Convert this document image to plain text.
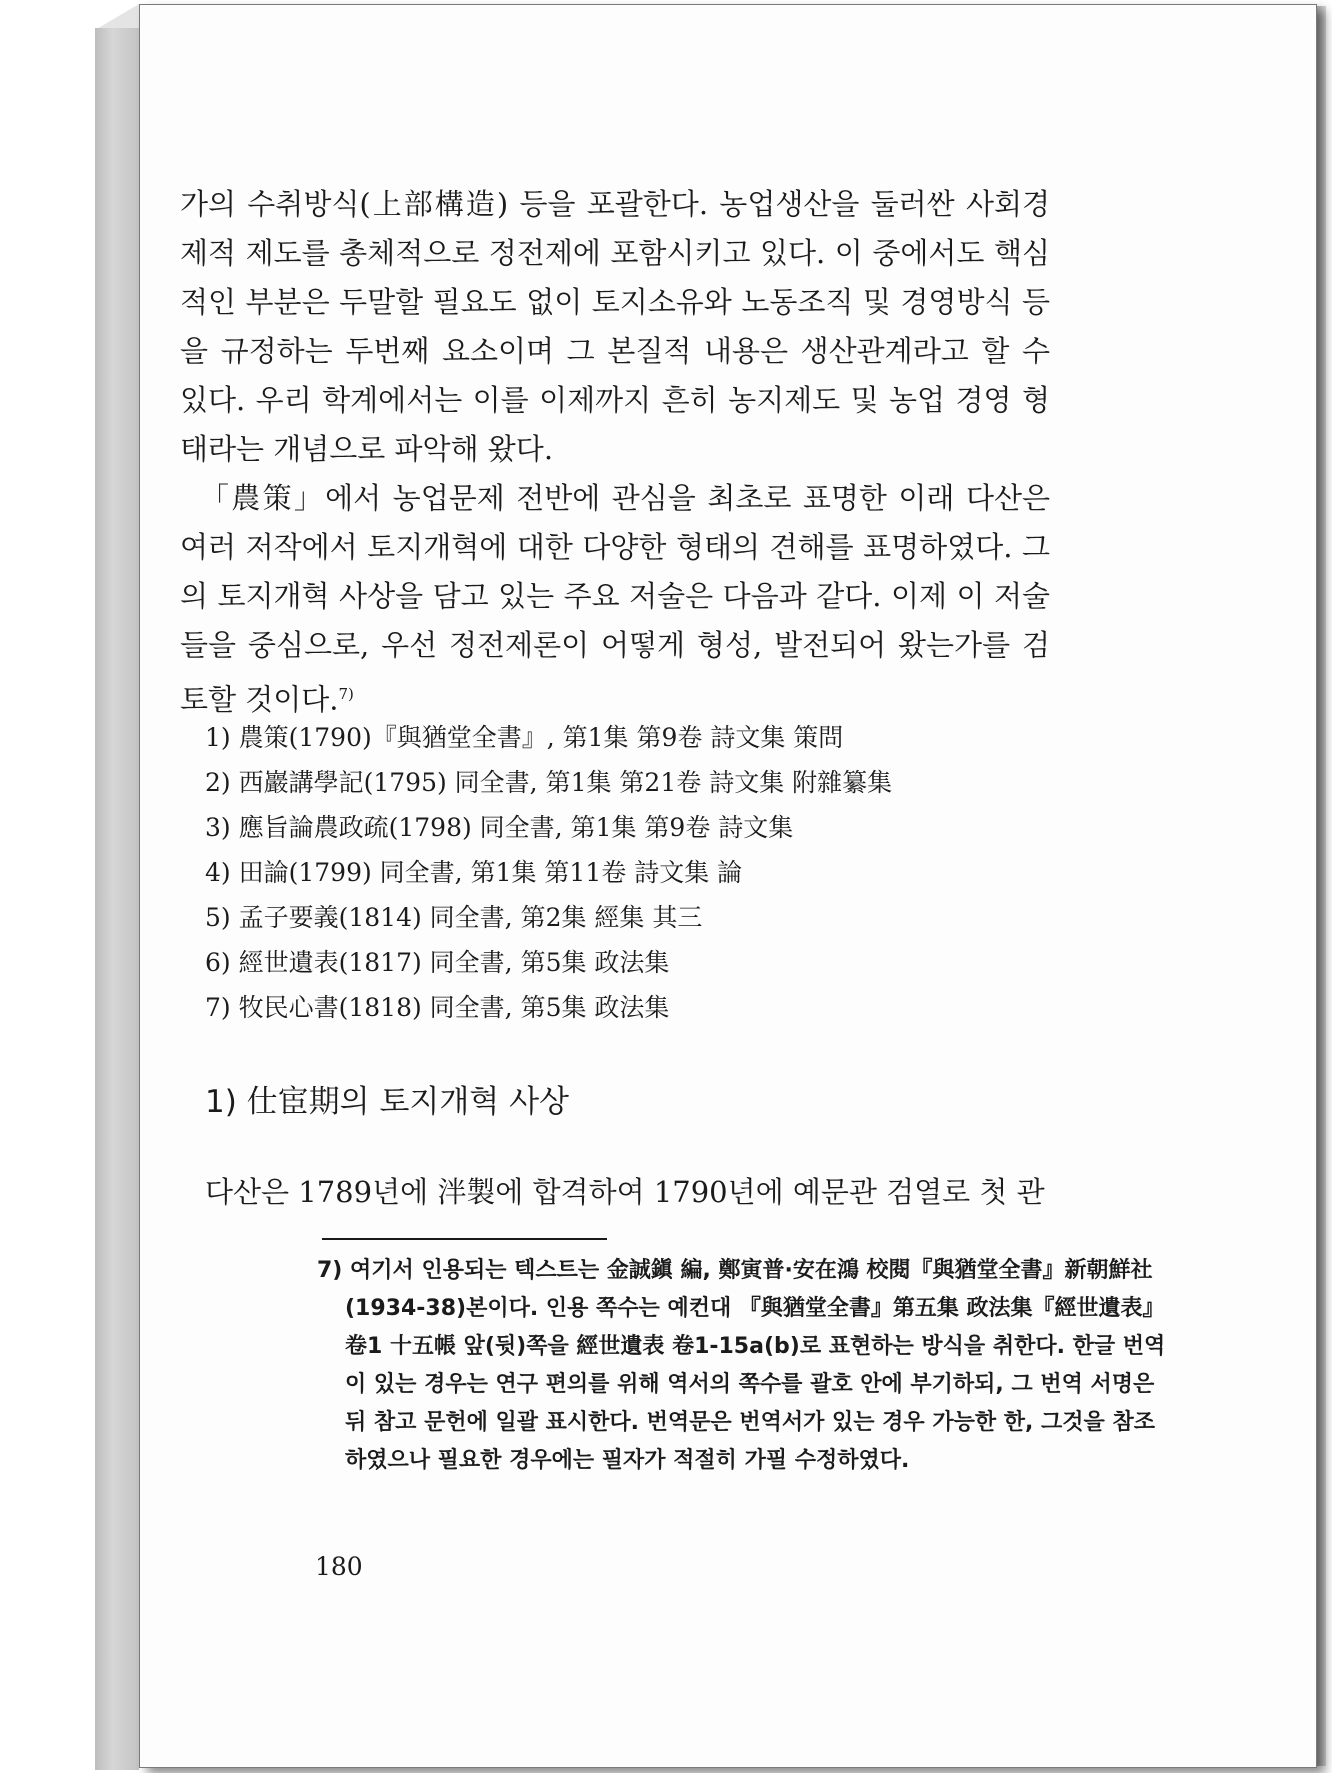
가의 수취방식(上部構造) 등을 포괄한다. 농업생산을 둘러싼 사회경제적 제도를 총체적으로 정전제에 포함시키고 있다. 이 중에서도 핵심적인 부분은 두말할 필요도 없이 토지소유와 노동조직 및 경영방식 등을 규정하는 두번째 요소이며 그 본질적 내용은 생산관계라고 할 수 있다. 우리 학계에서는 이를 이제까지 흔히 농지제도 및 농업 경영 형태라는 개념으로 파악해 왔다.

「農策」에서 농업문제 전반에 관심을 최초로 표명한 이래 다산은 여러 저작에서 토지개혁에 대한 다양한 형태의 견해를 표명하였다. 그의 토지개혁 사상을 담고 있는 주요 저술은 다음과 같다. 이제 이 저술들을 중심으로, 우선 정전제론이 어떻게 형성, 발전되어 왔는가를 검토할 것이다.$^{7)}$

1) 農策(1790)『與猶堂全書』, 第1集 第9卷 詩文集 策問
2) 西巖講學記(1795) 同全書, 第1集 第21卷 詩文集 附雜纂集
3) 應旨論農政疏(1798) 同全書, 第1集 第9卷 詩文集
4) 田論(1799) 同全書, 第1集 第11卷 詩文集 論
5) 孟子要義(1814) 同全書, 第2集 經集 其三
6) 經世遺表(1817) 同全書, 第5集 政法集
7) 牧民心書(1818) 同全書, 第5集 政法集
1) 仕宦期의 토지개혁 사상
다산은 1789년에 泮製에 합격하여 1790년에 예문관 검열로 첫 관
7) 여기서 인용되는 텍스트는 金誠鎭 編, 鄭寅普·安在鴻 校閱『與猶堂全書』新朝鮮社(1934-38)본이다. 인용 쪽수는 예컨대 『與猶堂全書』第五集 政法集『經世遺表』卷1 十五帳 앞(뒷)쪽을 經世遺表 卷1-15a(b)로 표현하는 방식을 취한다. 한글 번역이 있는 경우는 연구 편의를 위해 역서의 쪽수를 괄호 안에 부기하되, 그 번역 서명은 뒤 참고 문헌에 일괄 표시한다. 번역문은 번역서가 있는 경우 가능한 한, 그것을 참조하였으나 필요한 경우에는 필자가 적절히 가필 수정하였다.
180
